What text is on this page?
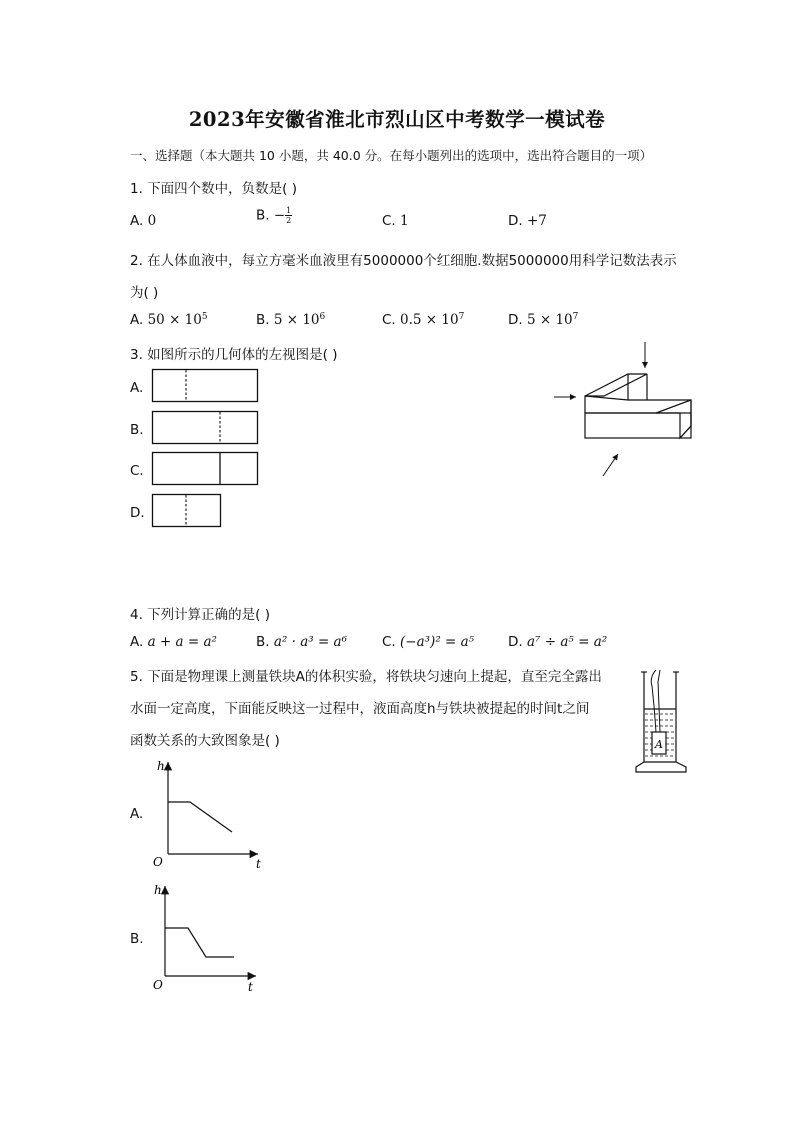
2023年安徽省淮北市烈山区中考数学一模试卷
一、选择题（本大题共 10 小题，共 40.0 分。在每小题列出的选项中，选出符合题目的一项）
1. 下面四个数中，负数是( )
A. 0	B. − $\frac{1}{2}$	C. 1	D. +7
2. 在人体血液中，每立方毫米血液里有5000000个红细胞.数据5000000用科学记数法表示
为( )
A. $50 \times 10^5$	B. $5 \times 10^6$	C. $0.5 \times 10^7$	D. $5 \times 10^7$
3. 如图所示的几何体的左视图是( )
A.
B.
C.
D.
4. 下列计算正确的是( )
A. a + a = a²	B. a² · a³ = a⁶	C. (−a³)² = a⁵	D. a⁷ ÷ a⁵ = a²
5. 下面是物理课上测量铁块A的体积实验，将铁块匀速向上提起，直至完全露出
水面一定高度，下面能反映这一过程中，液面高度h与铁块被提起的时间t之间
函数关系的大致图象是( )	A
A.
h
t
O
B.
h
t
O
